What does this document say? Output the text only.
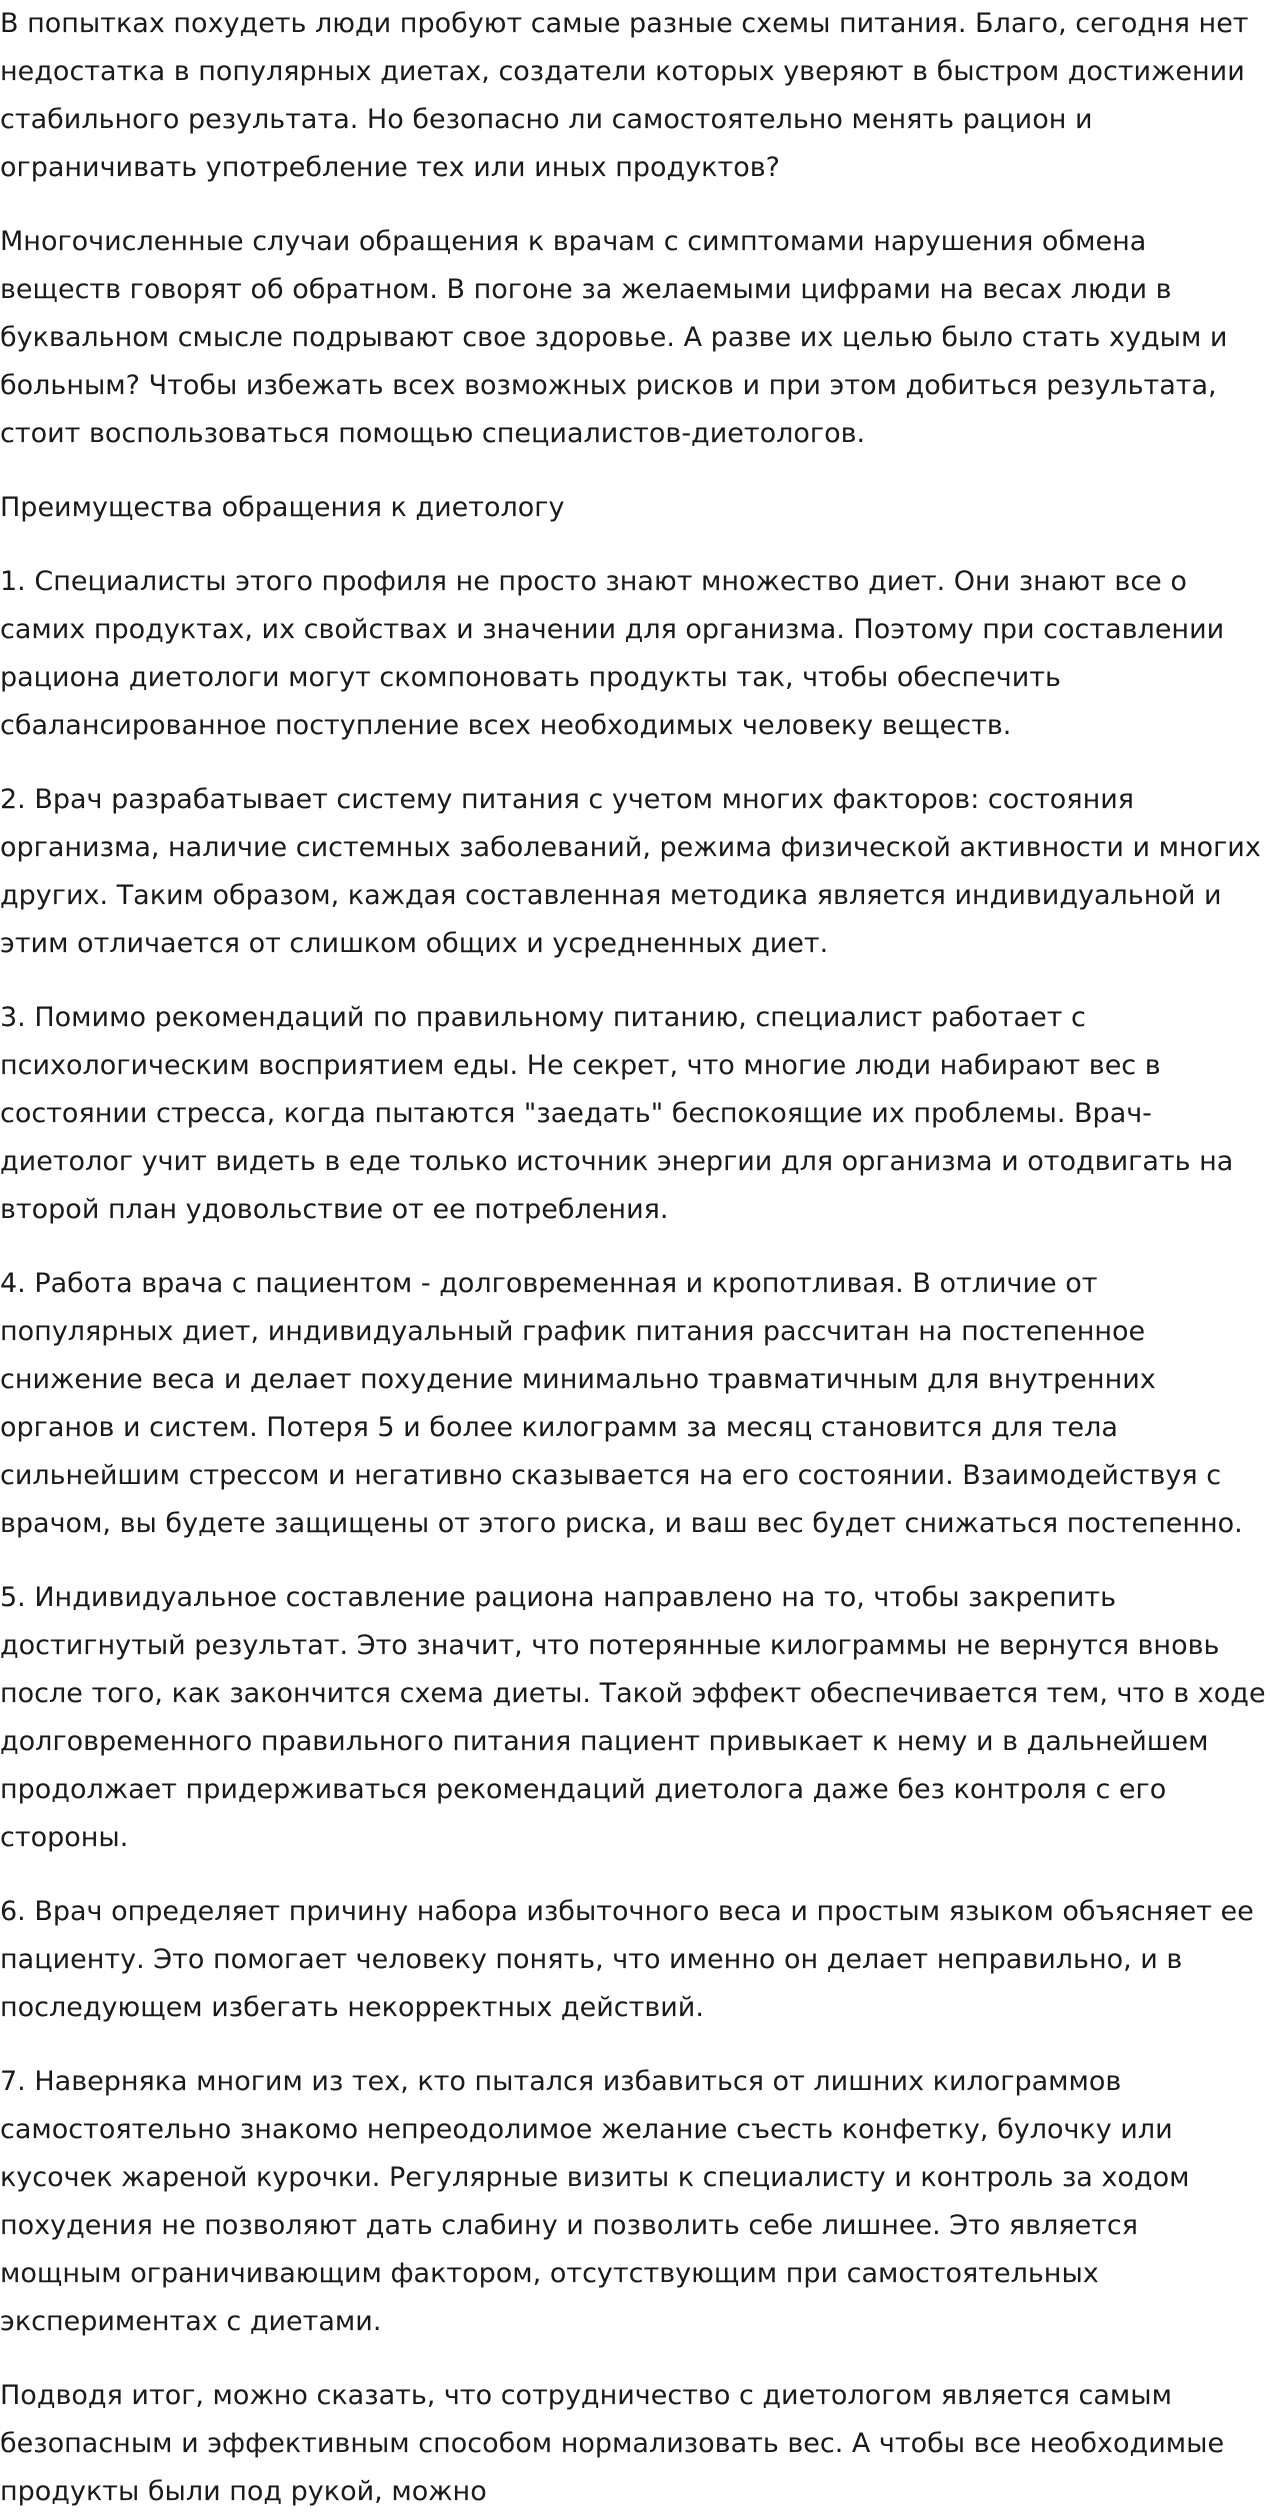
В попытках похудеть люди пробуют самые разные схемы питания. Благо, сегодня нет недостатка в популярных диетах, создатели которых уверяют в быстром достижении стабильного результата. Но безопасно ли самостоятельно менять рацион и ограничивать употребление тех или иных продуктов?

Многочисленные случаи обращения к врачам с симптомами нарушения обмена веществ говорят об обратном. В погоне за желаемыми цифрами на весах люди в буквальном смысле подрывают свое здоровье. А разве их целью было стать худым и больным? Чтобы избежать всех возможных рисков и при этом добиться результата, стоит воспользоваться помощью специалистов-диетологов.

Преимущества обращения к диетологу

1. Специалисты этого профиля не просто знают множество диет. Они знают все о самих продуктах, их свойствах и значении для организма. Поэтому при составлении рациона диетологи могут скомпоновать продукты так, чтобы обеспечить сбалансированное поступление всех необходимых человеку веществ.

2. Врач разрабатывает систему питания с учетом многих факторов: состояния организма, наличие системных заболеваний, режима физической активности и многих других. Таким образом, каждая составленная методика является индивидуальной и этим отличается от слишком общих и усредненных диет.

3. Помимо рекомендаций по правильному питанию, специалист работает с психологическим восприятием еды. Не секрет, что многие люди набирают вес в состоянии стресса, когда пытаются "заедать" беспокоящие их проблемы. Врач-диетолог учит видеть в еде только источник энергии для организма и отодвигать на второй план удовольствие от ее потребления.

4. Работа врача с пациентом - долговременная и кропотливая. В отличие от популярных диет, индивидуальный график питания рассчитан на постепенное снижение веса и делает похудение минимально травматичным для внутренних органов и систем. Потеря 5 и более килограмм за месяц становится для тела сильнейшим стрессом и негативно сказывается на его состоянии. Взаимодействуя с врачом, вы будете защищены от этого риска, и ваш вес будет снижаться постепенно.

5. Индивидуальное составление рациона направлено на то, чтобы закрепить достигнутый результат. Это значит, что потерянные килограммы не вернутся вновь после того, как закончится схема диеты. Такой эффект обеспечивается тем, что в ходе долговременного правильного питания пациент привыкает к нему и в дальнейшем продолжает придерживаться рекомендаций диетолога даже без контроля с его стороны.

6. Врач определяет причину набора избыточного веса и простым языком объясняет ее пациенту. Это помогает человеку понять, что именно он делает неправильно, и в последующем избегать некорректных действий.

7. Наверняка многим из тех, кто пытался избавиться от лишних килограммов самостоятельно знакомо непреодолимое желание съесть конфетку, булочку или кусочек жареной курочки. Регулярные визиты к специалисту и контроль за ходом похудения не позволяют дать слабину и позволить себе лишнее. Это является мощным ограничивающим фактором, отсутствующим при самостоятельных экспериментах с диетами.

Подводя итог, можно сказать, что сотрудничество с диетологом является самым безопасным и эффективным способом нормализовать вес. А чтобы все необходимые продукты были под рукой, можно
